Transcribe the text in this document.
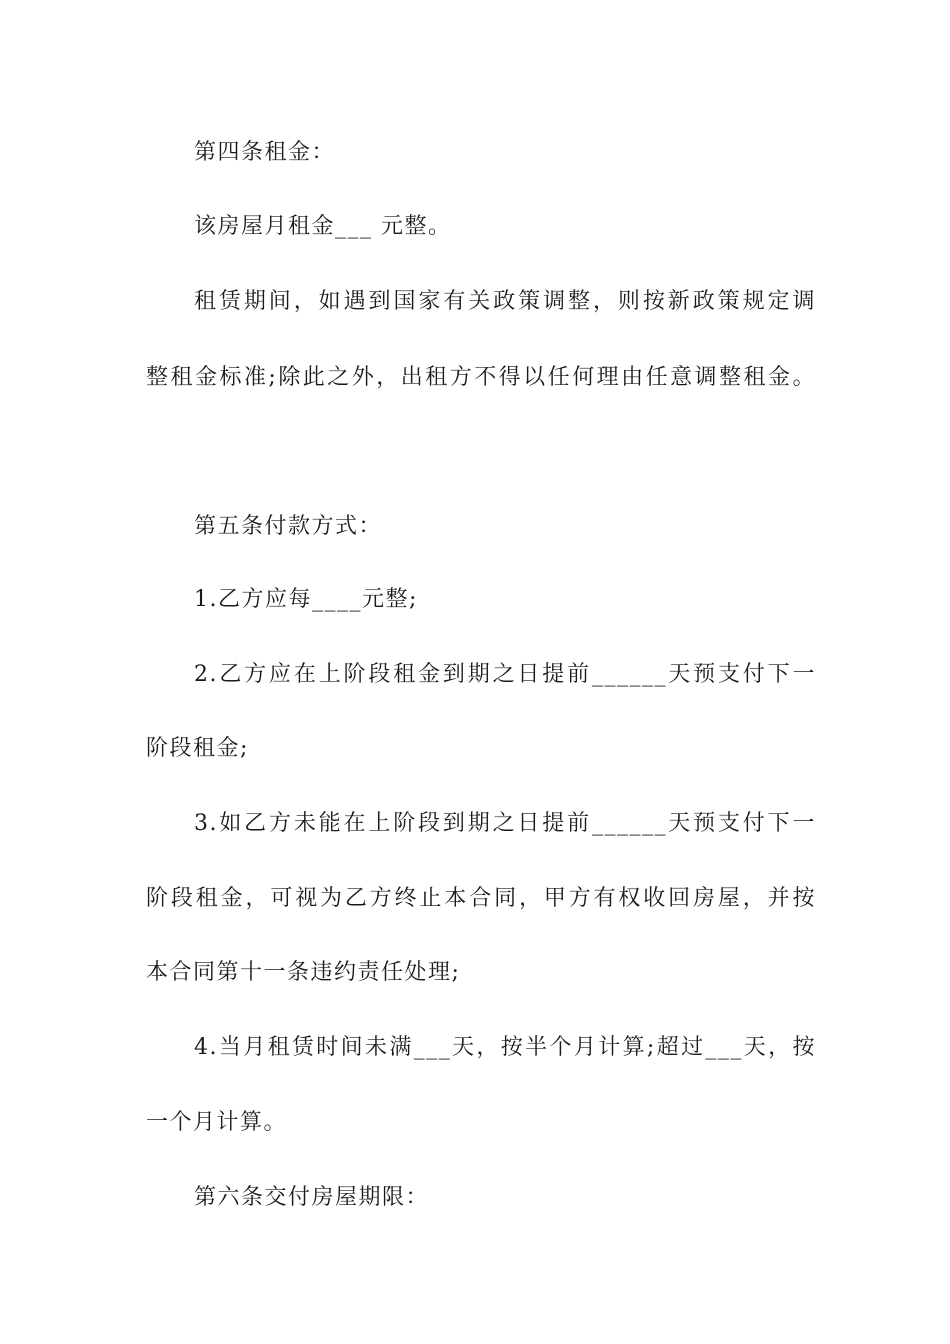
第四条租金：
该房屋月租金___ 元整。
租赁期间，如遇到国家有关政策调整，则按新政策规定调
整租金标准;除此之外，出租方不得以任何理由任意调整租金。
第五条付款方式：
1.乙方应每____元整;
2.乙方应在上阶段租金到期之日提前______天预支付下一
阶段租金;
3.如乙方未能在上阶段到期之日提前______天预支付下一
阶段租金，可视为乙方终止本合同，甲方有权收回房屋，并按
本合同第十一条违约责任处理;
4.当月租赁时间未满___天，按半个月计算;超过___天，按
一个月计算。
第六条交付房屋期限：
